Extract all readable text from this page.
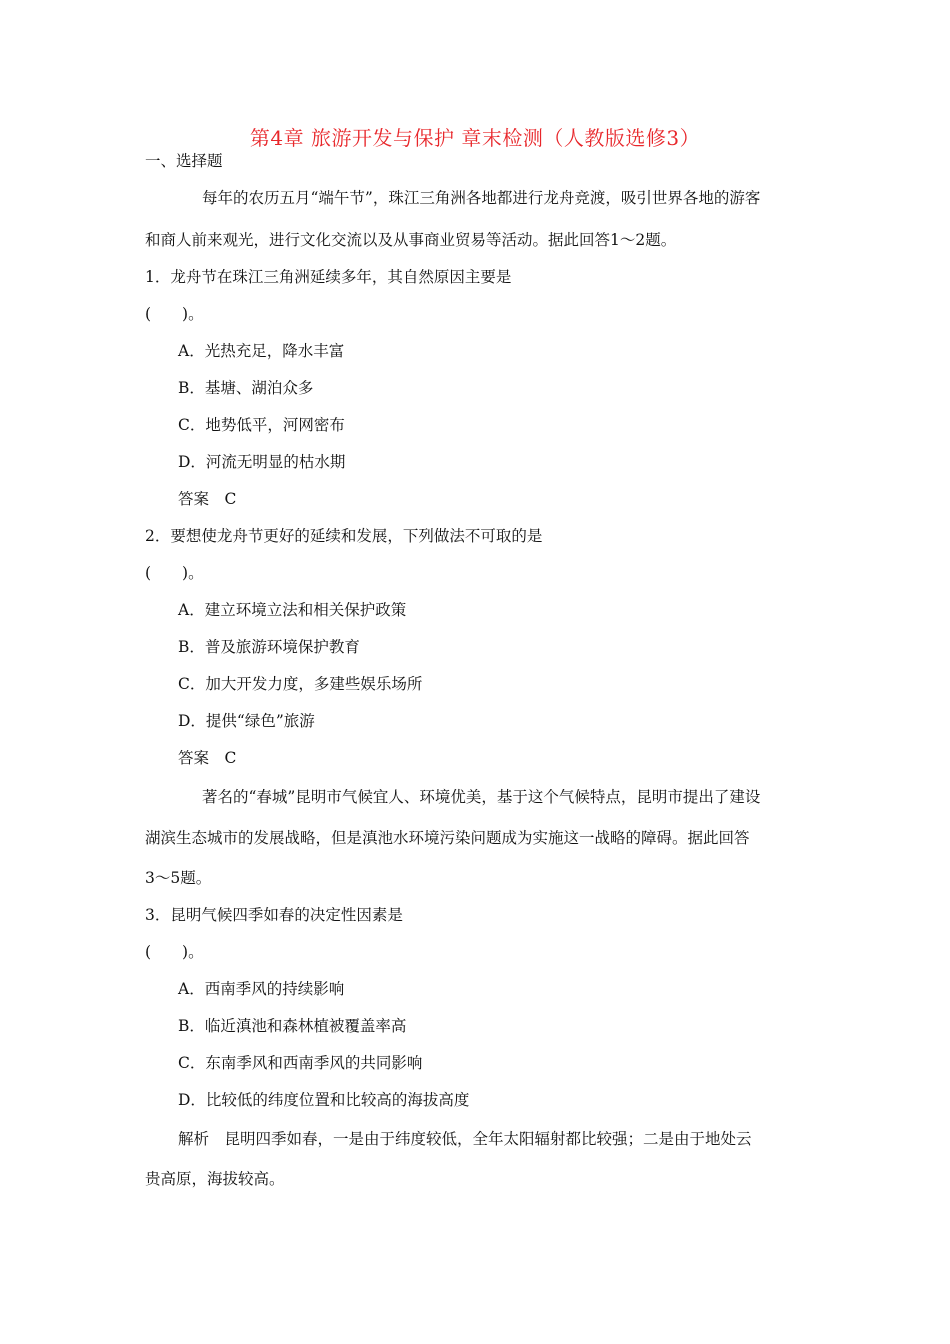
第4章 旅游开发与保护 章末检测（人教版选修3）
一、选择题
每年的农历五月“端午节”，珠江三角洲各地都进行龙舟竞渡，吸引世界各地的游客
和商人前来观光，进行文化交流以及从事商业贸易等活动。据此回答1～2题。
1．龙舟节在珠江三角洲延续多年，其自然原因主要是
(　　)。
A．光热充足，降水丰富
B．基塘、湖泊众多
C．地势低平，河网密布
D．河流无明显的枯水期
答案　C
2．要想使龙舟节更好的延续和发展，下列做法不可取的是
(　　)。
A．建立环境立法和相关保护政策
B．普及旅游环境保护教育
C．加大开发力度，多建些娱乐场所
D．提供“绿色”旅游
答案　C
著名的“春城”昆明市气候宜人、环境优美，基于这个气候特点，昆明市提出了建设
湖滨生态城市的发展战略，但是滇池水环境污染问题成为实施这一战略的障碍。据此回答
3～5题。
3．昆明气候四季如春的决定性因素是
(　　)。
A．西南季风的持续影响
B．临近滇池和森林植被覆盖率高
C．东南季风和西南季风的共同影响
D．比较低的纬度位置和比较高的海拔高度
解析　昆明四季如春，一是由于纬度较低，全年太阳辐射都比较强；二是由于地处云
贵高原，海拔较高。
